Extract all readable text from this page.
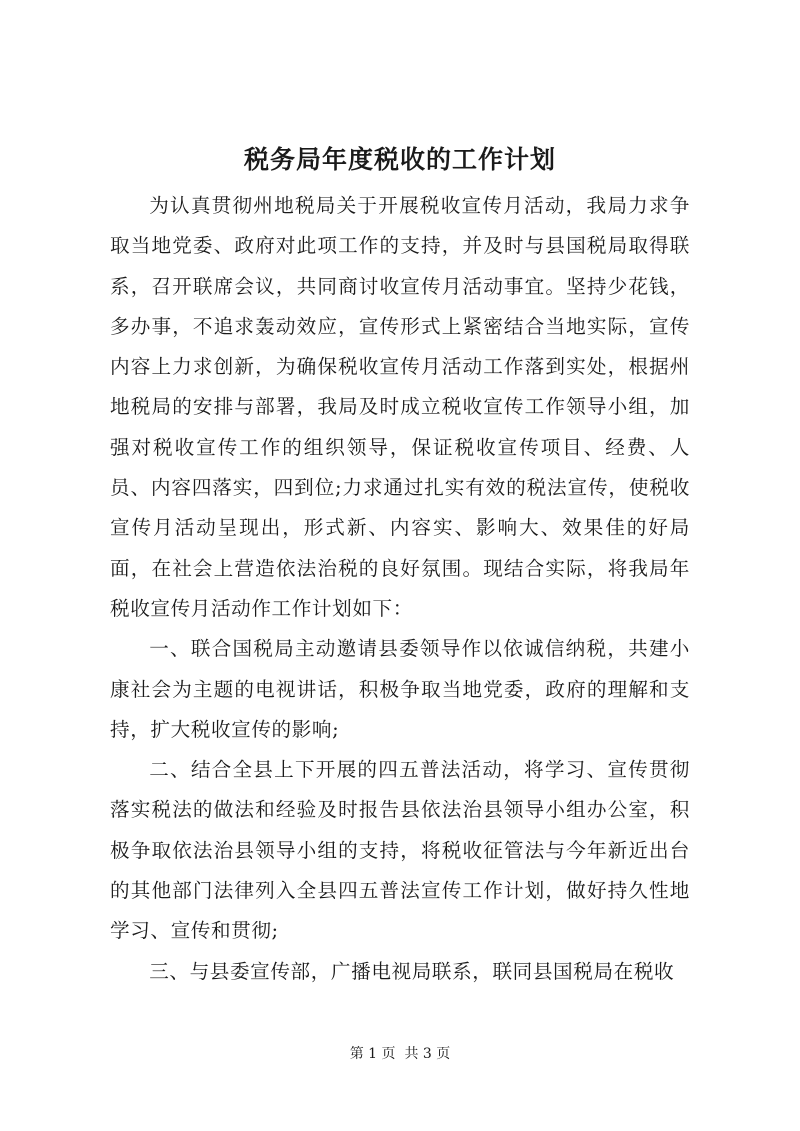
税务局年度税收的工作计划

为认真贯彻州地税局关于开展税收宣传月活动，我局力求争取当地党委、政府对此项工作的支持，并及时与县国税局取得联系，召开联席会议，共同商讨收宣传月活动事宜。坚持少花钱，多办事，不追求轰动效应，宣传形式上紧密结合当地实际，宣传内容上力求创新，为确保税收宣传月活动工作落到实处，根据州地税局的安排与部署，我局及时成立税收宣传工作领导小组，加强对税收宣传工作的组织领导，保证税收宣传项目、经费、人员、内容四落实，四到位;力求通过扎实有效的税法宣传，使税收宣传月活动呈现出，形式新、内容实、影响大、效果佳的好局面，在社会上营造依法治税的良好氛围。现结合实际，将我局年税收宣传月活动作工作计划如下：

一、联合国税局主动邀请县委领导作以依诚信纳税，共建小康社会为主题的电视讲话，积极争取当地党委，政府的理解和支持，扩大税收宣传的影响;

二、结合全县上下开展的四五普法活动，将学习、宣传贯彻落实税法的做法和经验及时报告县依法治县领导小组办公室，积极争取依法治县领导小组的支持，将税收征管法与今年新近出台的其他部门法律列入全县四五普法宣传工作计划，做好持久性地学习、宣传和贯彻;

三、与县委宣传部，广播电视局联系，联同县国税局在税收

第 1 页  共 3 页
